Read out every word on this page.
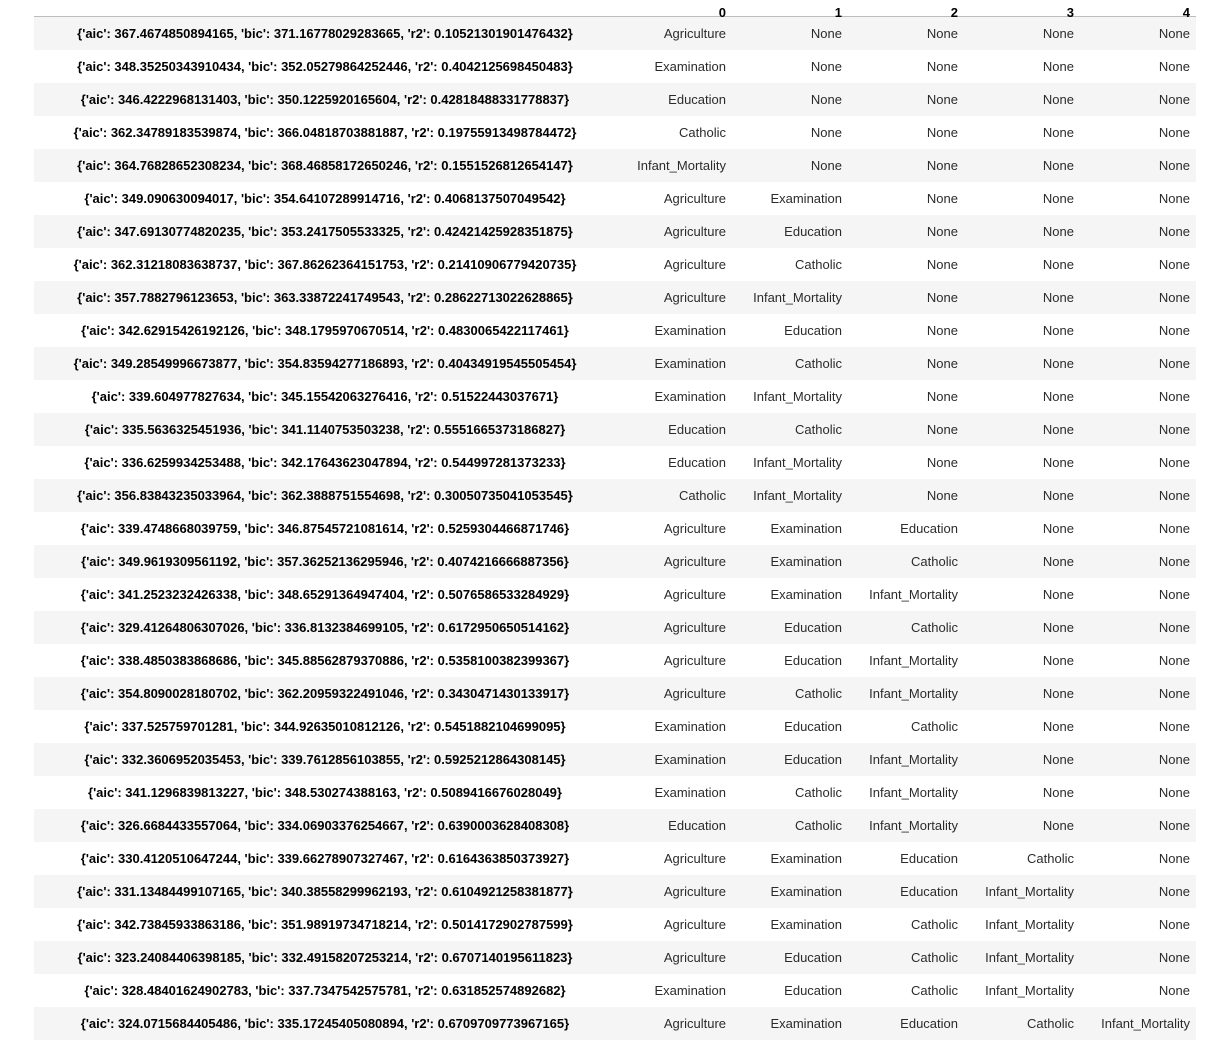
	0	1	2	3	4

{'aic': 367.4674850894165, 'bic': 371.16778029283665, 'r2': 0.10521301901476432}	Agriculture	None	None	None	None
{'aic': 348.35250343910434, 'bic': 352.05279864252446, 'r2': 0.4042125698450483}	Examination	None	None	None	None
{'aic': 346.4222968131403, 'bic': 350.1225920165604, 'r2': 0.42818488331778837}	Education	None	None	None	None
{'aic': 362.34789183539874, 'bic': 366.04818703881887, 'r2': 0.19755913498784472}	Catholic	None	None	None	None
{'aic': 364.76828652308234, 'bic': 368.46858172650246, 'r2': 0.1551526812654147}	Infant_Mortality	None	None	None	None
{'aic': 349.090630094017, 'bic': 354.64107289914716, 'r2': 0.4068137507049542}	Agriculture	Examination	None	None	None
{'aic': 347.69130774820235, 'bic': 353.2417505533325, 'r2': 0.42421425928351875}	Agriculture	Education	None	None	None
{'aic': 362.31218083638737, 'bic': 367.86262364151753, 'r2': 0.21410906779420735}	Agriculture	Catholic	None	None	None
{'aic': 357.7882796123653, 'bic': 363.33872241749543, 'r2': 0.28622713022628865}	Agriculture	Infant_Mortality	None	None	None
{'aic': 342.62915426192126, 'bic': 348.1795970670514, 'r2': 0.4830065422117461}	Examination	Education	None	None	None
{'aic': 349.28549996673877, 'bic': 354.83594277186893, 'r2': 0.40434919545505454}	Examination	Catholic	None	None	None
{'aic': 339.604977827634, 'bic': 345.15542063276416, 'r2': 0.51522443037671}	Examination	Infant_Mortality	None	None	None
{'aic': 335.5636325451936, 'bic': 341.1140753503238, 'r2': 0.5551665373186827}	Education	Catholic	None	None	None
{'aic': 336.6259934253488, 'bic': 342.17643623047894, 'r2': 0.544997281373233}	Education	Infant_Mortality	None	None	None
{'aic': 356.83843235033964, 'bic': 362.3888751554698, 'r2': 0.30050735041053545}	Catholic	Infant_Mortality	None	None	None
{'aic': 339.4748668039759, 'bic': 346.87545721081614, 'r2': 0.5259304466871746}	Agriculture	Examination	Education	None	None
{'aic': 349.9619309561192, 'bic': 357.36252136295946, 'r2': 0.4074216666887356}	Agriculture	Examination	Catholic	None	None
{'aic': 341.2523232426338, 'bic': 348.65291364947404, 'r2': 0.5076586533284929}	Agriculture	Examination	Infant_Mortality	None	None
{'aic': 329.41264806307026, 'bic': 336.8132384699105, 'r2': 0.6172950650514162}	Agriculture	Education	Catholic	None	None
{'aic': 338.4850383868686, 'bic': 345.88562879370886, 'r2': 0.5358100382399367}	Agriculture	Education	Infant_Mortality	None	None
{'aic': 354.8090028180702, 'bic': 362.20959322491046, 'r2': 0.3430471430133917}	Agriculture	Catholic	Infant_Mortality	None	None
{'aic': 337.525759701281, 'bic': 344.92635010812126, 'r2': 0.5451882104699095}	Examination	Education	Catholic	None	None
{'aic': 332.3606952035453, 'bic': 339.7612856103855, 'r2': 0.5925212864308145}	Examination	Education	Infant_Mortality	None	None
{'aic': 341.1296839813227, 'bic': 348.530274388163, 'r2': 0.5089416676028049}	Examination	Catholic	Infant_Mortality	None	None
{'aic': 326.6684433557064, 'bic': 334.06903376254667, 'r2': 0.6390003628408308}	Education	Catholic	Infant_Mortality	None	None
{'aic': 330.4120510647244, 'bic': 339.66278907327467, 'r2': 0.6164363850373927}	Agriculture	Examination	Education	Catholic	None
{'aic': 331.13484499107165, 'bic': 340.38558299962193, 'r2': 0.6104921258381877}	Agriculture	Examination	Education	Infant_Mortality	None
{'aic': 342.73845933863186, 'bic': 351.98919734718214, 'r2': 0.5014172902787599}	Agriculture	Examination	Catholic	Infant_Mortality	None
{'aic': 323.24084406398185, 'bic': 332.49158207253214, 'r2': 0.6707140195611823}	Agriculture	Education	Catholic	Infant_Mortality	None
{'aic': 328.48401624902783, 'bic': 337.7347542575781, 'r2': 0.631852574892682}	Examination	Education	Catholic	Infant_Mortality	None
{'aic': 324.0715684405486, 'bic': 335.17245405080894, 'r2': 0.6709709773967165}	Agriculture	Examination	Education	Catholic	Infant_Mortality
